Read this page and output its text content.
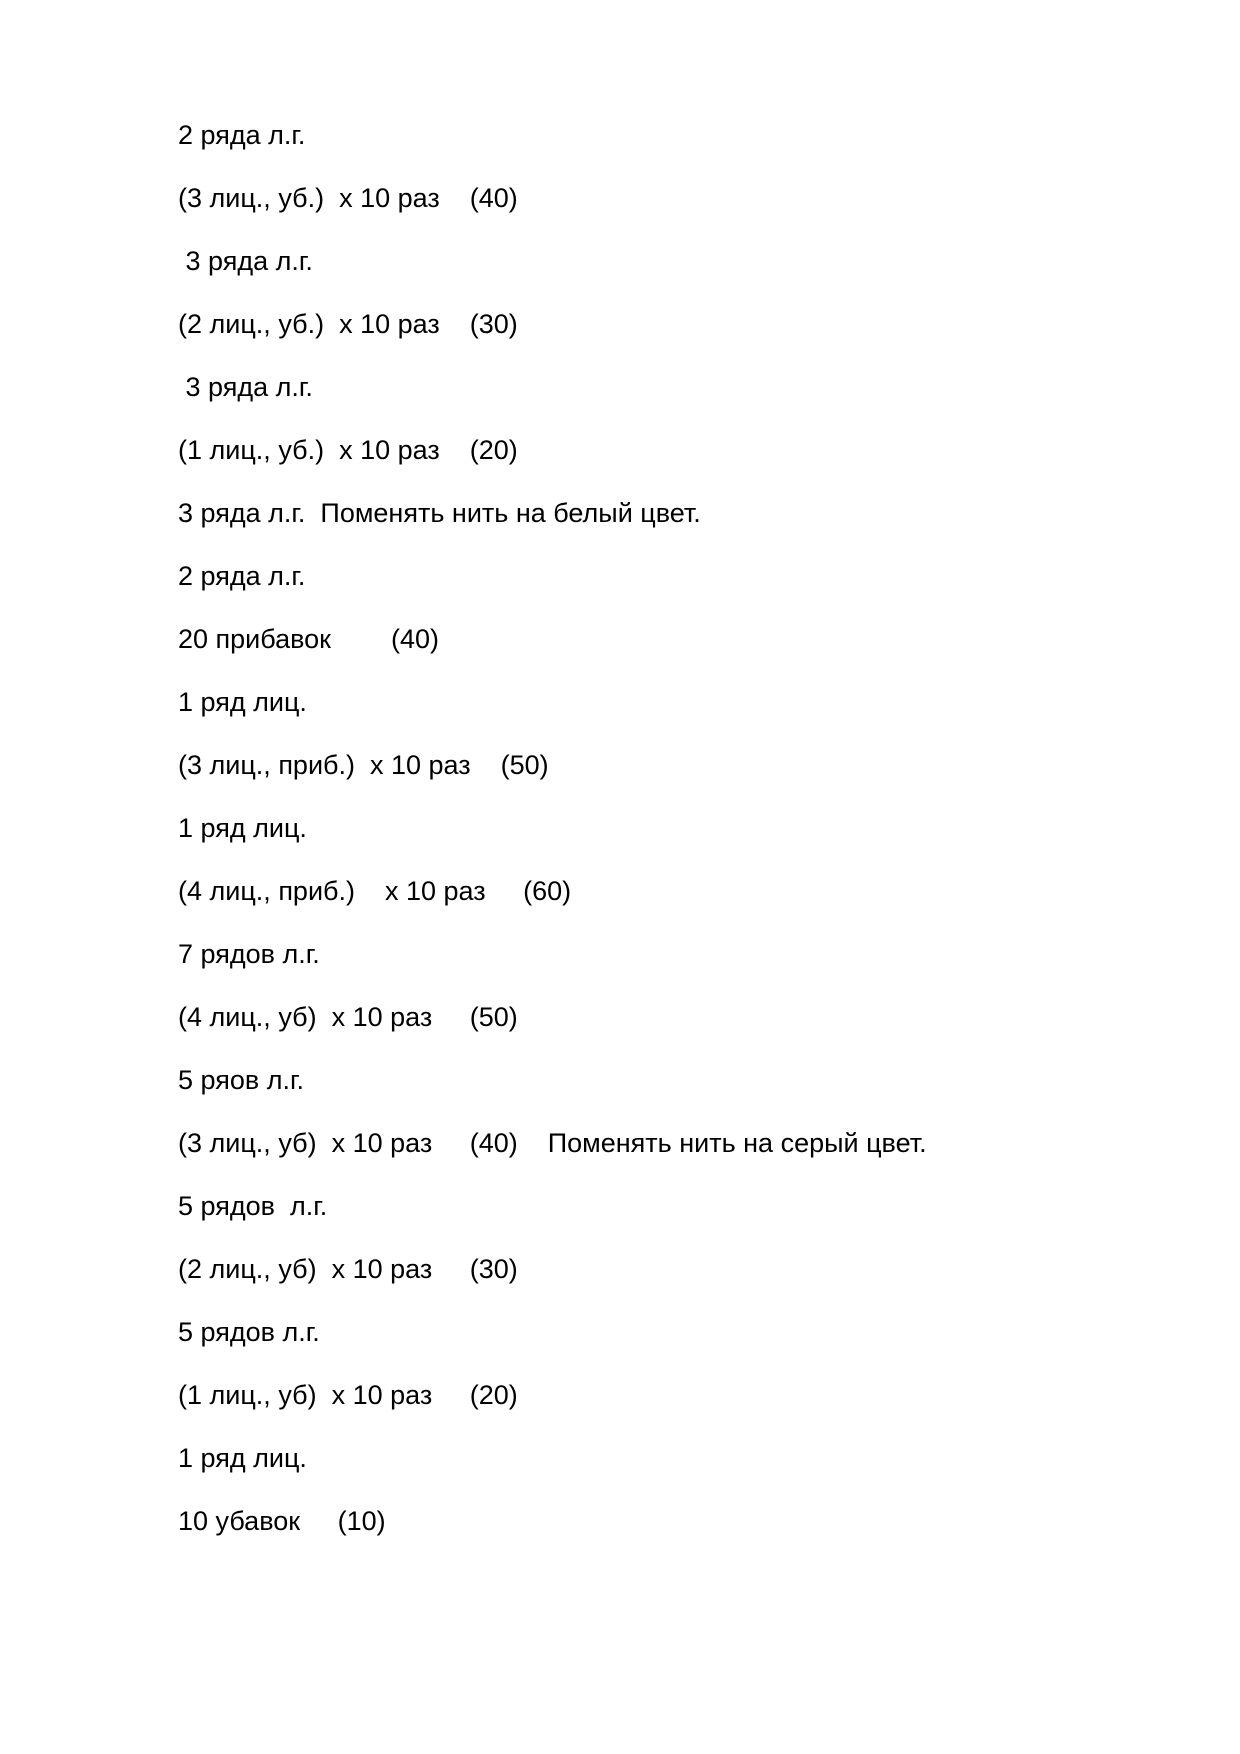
2 ряда л.г.
(3 лиц., уб.)  х 10 раз    (40)
3 ряда л.г.
(2 лиц., уб.)  х 10 раз    (30)
3 ряда л.г.
(1 лиц., уб.)  х 10 раз    (20)
3 ряда л.г.  Поменять нить на белый цвет.
2 ряда л.г.
20 прибавок        (40)
1 ряд лиц.
(3 лиц., приб.)  х 10 раз    (50)
1 ряд лиц.
(4 лиц., приб.)    х 10 раз     (60)
7 рядов л.г.
(4 лиц., уб)  х 10 раз     (50)
5 ряов л.г.
(3 лиц., уб)  х 10 раз     (40)    Поменять нить на серый цвет.
5 рядов  л.г.
(2 лиц., уб)  х 10 раз     (30)
5 рядов л.г.
(1 лиц., уб)  х 10 раз     (20)
1 ряд лиц.
10 убавок     (10)
